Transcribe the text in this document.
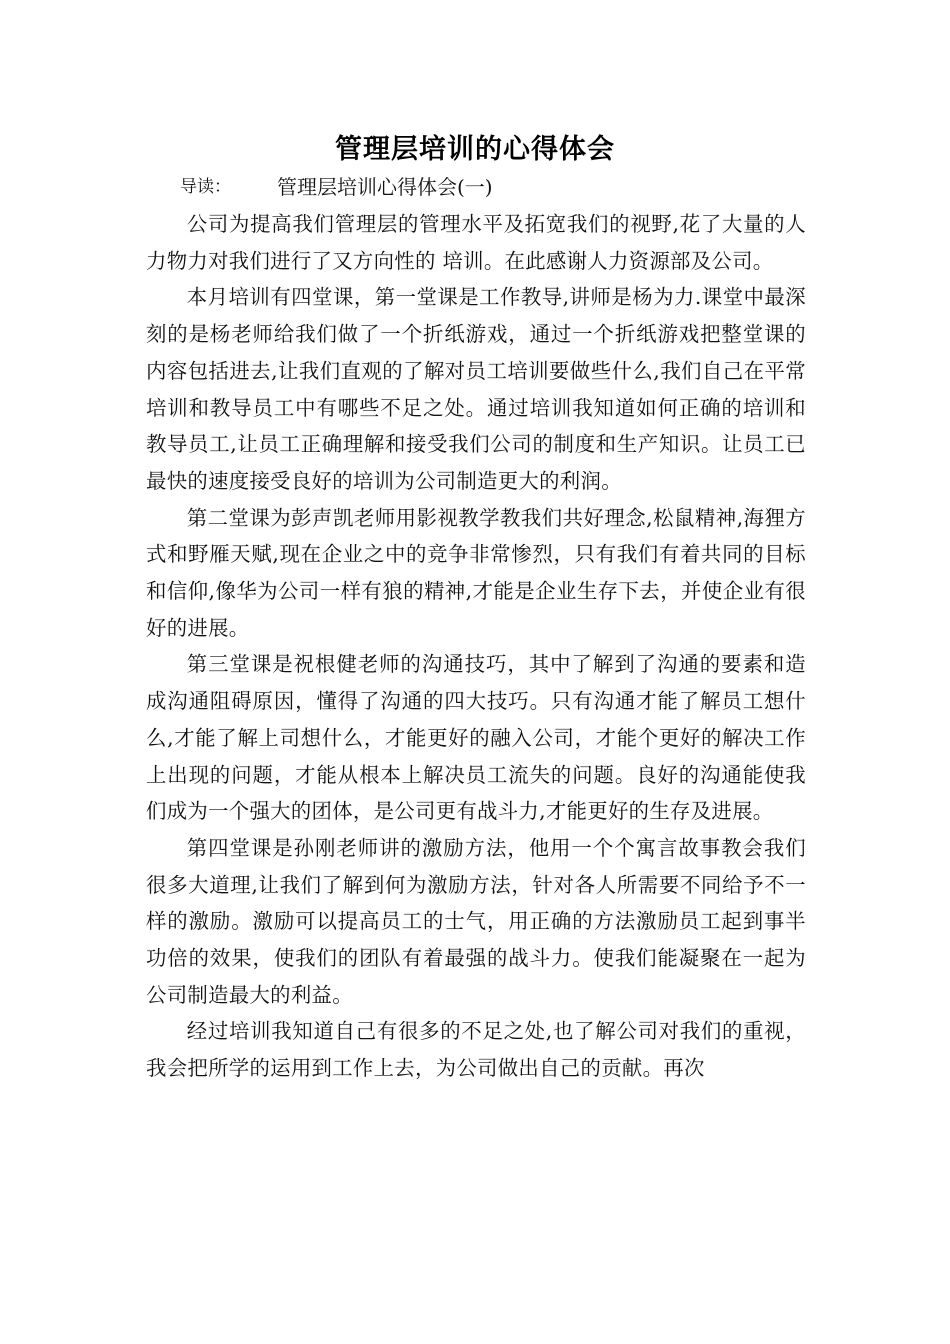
管理层培训的心得体会
导读： 管理层培训心得体会(一)

公司为提高我们管理层的管理水平及拓宽我们的视野,花了大量的人力物力对我们进行了又方向性的 培训。在此感谢人力资源部及公司。

本月培训有四堂课，第一堂课是工作教导,讲师是杨为力.课堂中最深刻的是杨老师给我们做了一个折纸游戏，通过一个折纸游戏把整堂课的内容包括进去,让我们直观的了解对员工培训要做些什么,我们自己在平常培训和教导员工中有哪些不足之处。通过培训我知道如何正确的培训和教导员工,让员工正确理解和接受我们公司的制度和生产知识。让员工已最快的速度接受良好的培训为公司制造更大的利润。

第二堂课为彭声凯老师用影视教学教我们共好理念,松鼠精神,海狸方式和野雁天赋,现在企业之中的竞争非常惨烈，只有我们有着共同的目标和信仰,像华为公司一样有狼的精神,才能是企业生存下去，并使企业有很好的进展。

第三堂课是祝根健老师的沟通技巧，其中了解到了沟通的要素和造成沟通阻碍原因，懂得了沟通的四大技巧。只有沟通才能了解员工想什么,才能了解上司想什么，才能更好的融入公司，才能个更好的解决工作上出现的问题，才能从根本上解决员工流失的问题。良好的沟通能使我们成为一个强大的团体，是公司更有战斗力,才能更好的生存及进展。

第四堂课是孙刚老师讲的激励方法，他用一个个寓言故事教会我们很多大道理,让我们了解到何为激励方法，针对各人所需要不同给予不一样的激励。激励可以提高员工的士气，用正确的方法激励员工起到事半功倍的效果，使我们的团队有着最强的战斗力。使我们能凝聚在一起为公司制造最大的利益。

经过培训我知道自己有很多的不足之处,也了解公司对我们的重视，我会把所学的运用到工作上去，为公司做出自己的贡献。再次
